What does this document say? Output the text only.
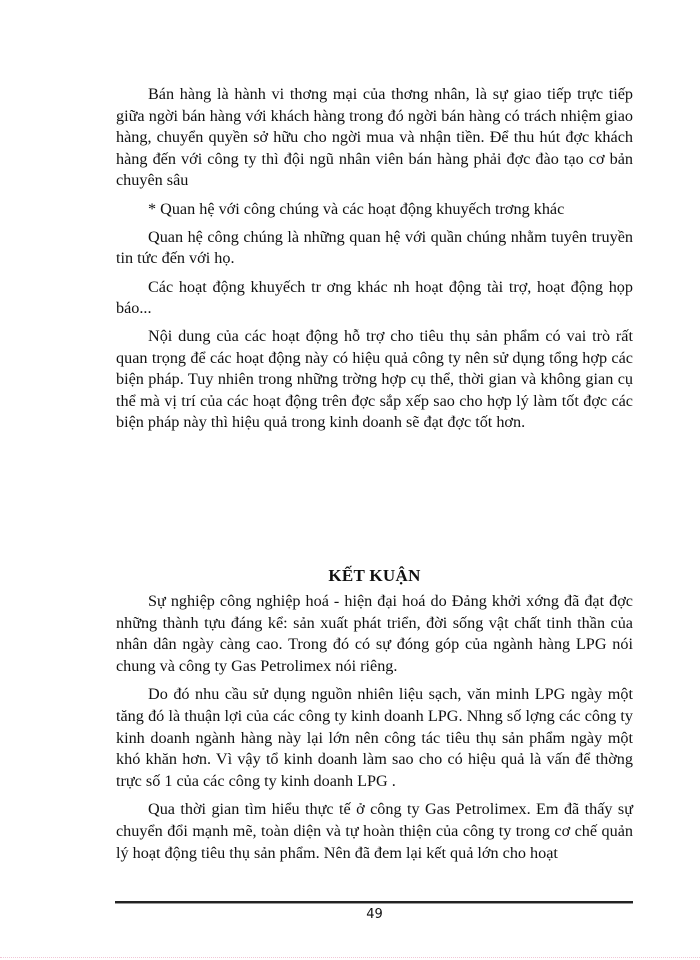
Bán hàng là hành vi thơng mại của thơng nhân, là sự giao tiếp trực tiếp giữa ngời bán hàng với khách hàng trong đó ngời bán hàng có trách nhiệm giao hàng, chuyển quyền sở hữu cho ngời mua và nhận tiền. Để thu hút đợc khách hàng đến với công ty thì đội ngũ nhân viên bán hàng phải đợc đào tạo cơ bản chuyên sâu

* Quan hệ với công chúng và các hoạt động khuyếch trơng khác

Quan hệ công chúng là những quan hệ với quần chúng nhằm tuyên truyền tin tức đến với họ.

Các hoạt động khuyếch tr ơng khác nh hoạt động tài trợ, hoạt động họp báo...

Nội dung của các hoạt động hỗ trợ cho tiêu thụ sản phẩm có vai trò rất quan trọng để các hoạt động này có hiệu quả công ty nên sử dụng tổng hợp các biện pháp. Tuy nhiên trong những trờng hợp cụ thể, thời gian và không gian cụ thể mà vị trí của các hoạt động trên đợc sắp xếp sao cho hợp lý làm tốt đợc các biện pháp này thì hiệu quả trong kinh doanh sẽ đạt đợc tốt hơn.

KẾT KUẬN

Sự nghiệp công nghiệp hoá - hiện đại hoá do Đảng khởi xớng đã đạt đợc những thành tựu đáng kể: sản xuất phát triển, đời sống vật chất tinh thần của nhân dân ngày càng cao. Trong đó có sự đóng góp của ngành hàng LPG nói chung và công ty Gas Petrolimex nói riêng.

Do đó nhu cầu sử dụng nguồn nhiên liệu sạch, văn minh LPG ngày một tăng đó là thuận lợi của các công ty kinh doanh LPG. Nhng số lợng các công ty kinh doanh ngành hàng này lại lớn nên công tác tiêu thụ sản phẩm ngày một khó khăn hơn. Vì vậy tổ kinh doanh làm sao cho có hiệu quả là vấn để thờng trực số 1 của các công ty kinh doanh LPG .

Qua thời gian tìm hiểu thực tế ở công ty Gas Petrolimex. Em đã thấy sự chuyển đổi mạnh mẽ, toàn diện và tự hoàn thiện của công ty trong cơ chế quản lý hoạt động tiêu thụ sản phẩm. Nên đã đem lại kết quả lớn cho hoạt

49
